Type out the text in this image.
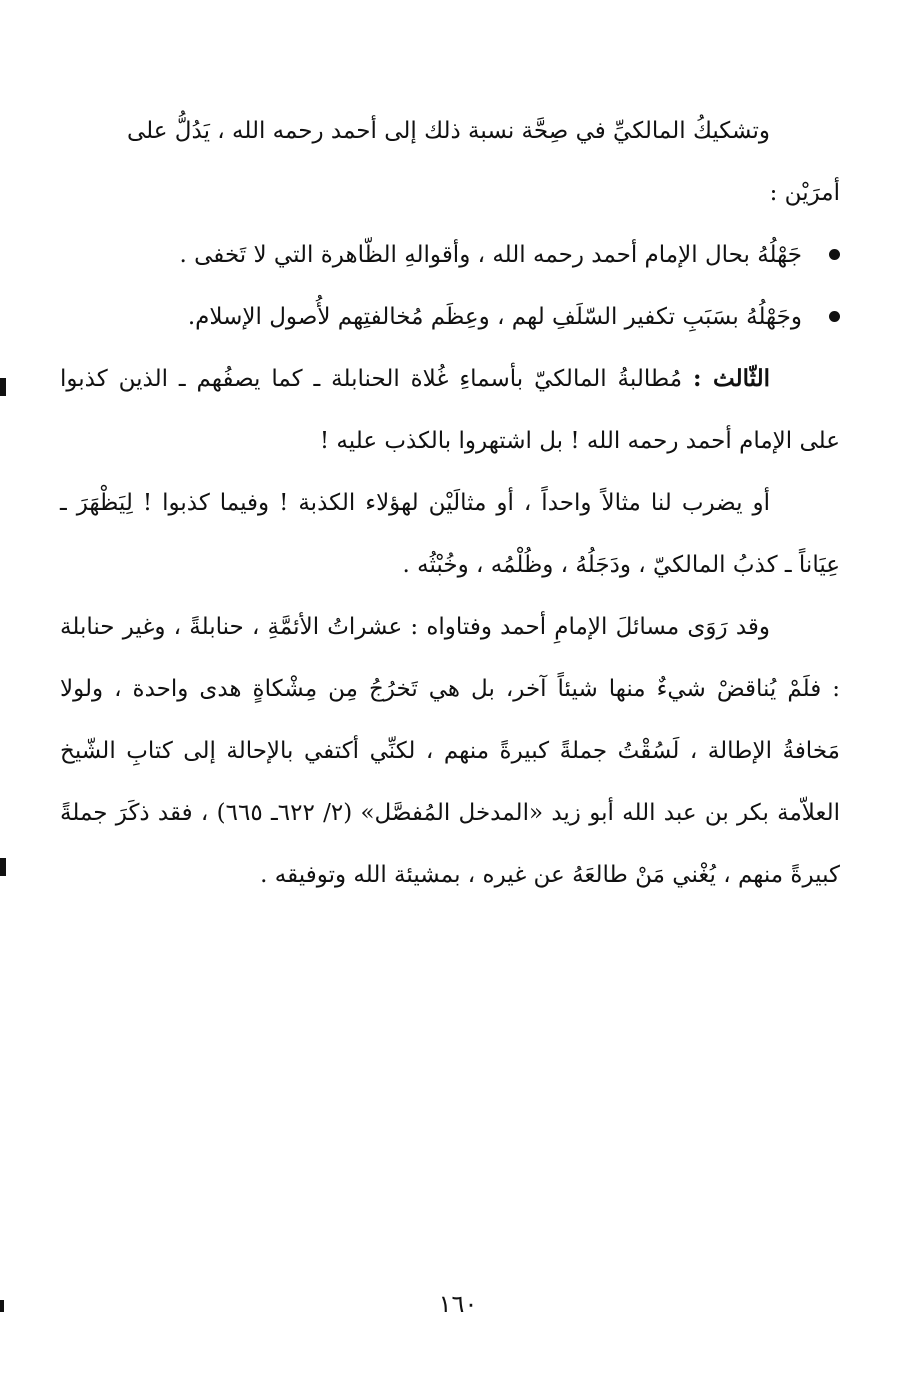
وتشكيكُ المالكيِّ في صِحَّة نسبة ذلك إلى أحمد رحمه الله ، يَدُلُّ على

أمرَيْن :

جَهْلُهُ بحال الإمام أحمد رحمه الله ، وأقوالهِ الظّاهرة التي لا تَخفى .

وجَهْلُهُ بسَبَبِ تكفير السّلَفِ لهم ، وعِظَم مُخالفتِهم لأُصول الإسلام.

الثّالث : مُطالبةُ المالكيّ بأسماءِ غُلاة الحنابلة ـ كما يصفُهم ـ الذين كذبوا على الإمام أحمد رحمه الله ! بل اشتهروا بالكذب عليه !

أو يضرب لنا مثالاً واحداً ، أو مثالَيْن لهؤلاء الكذبة ! وفيما كذبوا ! لِيَظْهَرَ ـ عِيَاناً ـ كذبُ المالكيّ ، ودَجَلُهُ ، وظُلْمُه ، وخُبْثُه .

وقد رَوَى مسائلَ الإمامِ أحمد وفتاواه : عشراتُ الأئمَّةِ ، حنابلةً ، وغير حنابلة : فلَمْ يُناقضْ شيءٌ منها شيئاً آخر، بل هي تَخرُجُ مِن مِشْكاةٍ هدى واحدة ، ولولا مَخافةُ الإطالة ، لَسُقْتُ جملةً كبيرةً منهم ، لكنِّي أكتفي بالإحالة إلى كتابِ الشّيخ العلاّمة بكر بن عبد الله أبو زيد «المدخل المُفصَّل» (٢/ ٦٢٢ـ ٦٦٥) ، فقد ذكَرَ جملةً كبيرةً منهم ، يُغْني مَنْ طالعَهُ عن غيره ، بمشيئة الله وتوفيقه .

١٦٠
